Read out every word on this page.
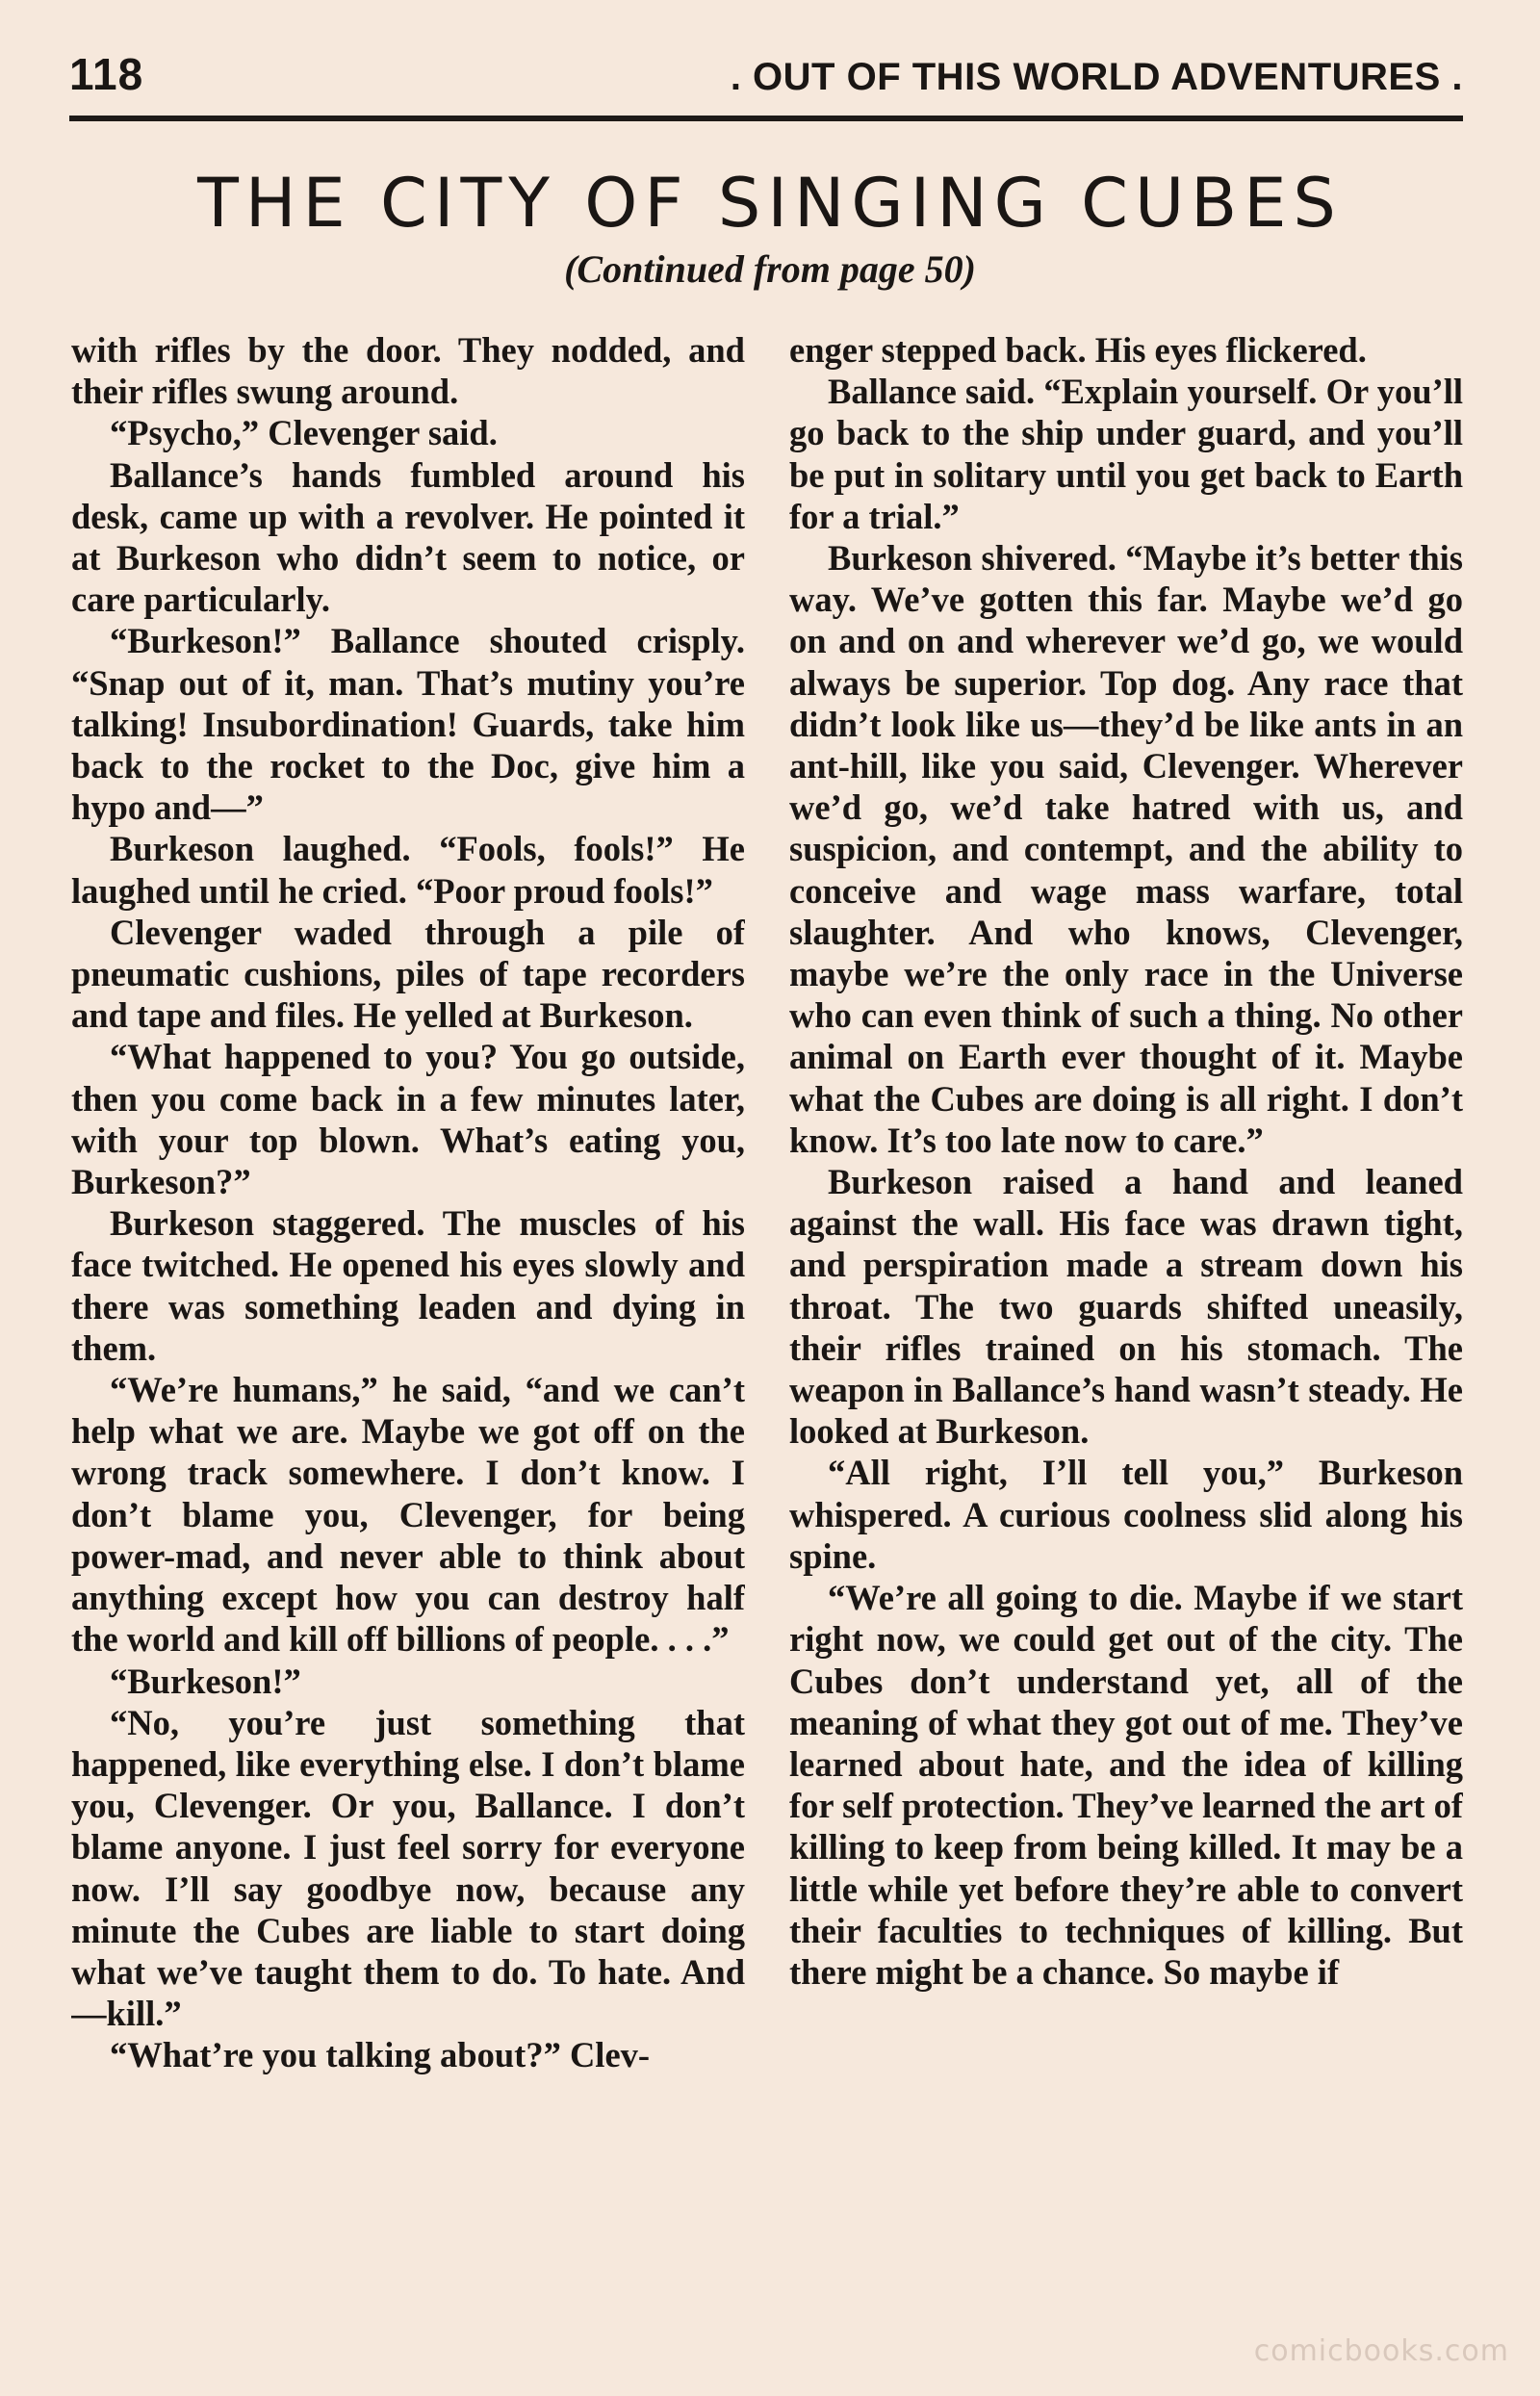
118	. OUT OF THIS WORLD ADVENTURES .
THE CITY OF SINGING CUBES
(Continued from page 50)

with rifles by the door. They nodded, and their rifles swung around.

“Psycho,” Clevenger said.

Ballance’s hands fumbled around his desk, came up with a revolver. He pointed it at Burkeson who didn’t seem to notice, or care particularly.

“Burkeson!” Ballance shouted crisply. “Snap out of it, man. That’s mutiny you’re talking! Insubordination! Guards, take him back to the rocket to the Doc, give him a hypo and—”

Burkeson laughed. “Fools, fools!” He laughed until he cried. “Poor proud fools!”

Clevenger waded through a pile of pneumatic cushions, piles of tape recorders and tape and files. He yelled at Burkeson.

“What happened to you? You go outside, then you come back in a few minutes later, with your top blown. What’s eating you, Burkeson?”

Burkeson staggered. The muscles of his face twitched. He opened his eyes slowly and there was something leaden and dying in them.

“We’re humans,” he said, “and we can’t help what we are. Maybe we got off on the wrong track somewhere. I don’t know. I don’t blame you, Clevenger, for being power-mad, and never able to think about anything except how you can destroy half the world and kill off billions of people. . . .”

“Burkeson!”

“No, you’re just something that happened, like everything else. I don’t blame you, Clevenger. Or you, Ballance. I don’t blame anyone. I just feel sorry for everyone now. I’ll say goodbye now, because any minute the Cubes are liable to start doing what we’ve taught them to do. To hate. And—kill.”

“What’re you talking about?” Clev-

enger stepped back. His eyes flickered.

Ballance said. “Explain yourself. Or you’ll go back to the ship under guard, and you’ll be put in solitary until you get back to Earth for a trial.”

Burkeson shivered. “Maybe it’s better this way. We’ve gotten this far. Maybe we’d go on and on and wherever we’d go, we would always be superior. Top dog. Any race that didn’t look like us—they’d be like ants in an ant-hill, like you said, Clevenger. Wherever we’d go, we’d take hatred with us, and suspicion, and contempt, and the ability to conceive and wage mass warfare, total slaughter. And who knows, Clevenger, maybe we’re the only race in the Universe who can even think of such a thing. No other animal on Earth ever thought of it. Maybe what the Cubes are doing is all right. I don’t know. It’s too late now to care.”

Burkeson raised a hand and leaned against the wall. His face was drawn tight, and perspiration made a stream down his throat. The two guards shifted uneasily, their rifles trained on his stomach. The weapon in Ballance’s hand wasn’t steady. He looked at Burkeson.

“All right, I’ll tell you,” Burkeson whispered. A curious coolness slid along his spine.

“We’re all going to die. Maybe if we start right now, we could get out of the city. The Cubes don’t understand yet, all of the meaning of what they got out of me. They’ve learned about hate, and the idea of killing for self protection. They’ve learned the art of killing to keep from being killed. It may be a little while yet before they’re able to convert their faculties to techniques of killing. But there might be a chance. So maybe if

comicbooks.com
